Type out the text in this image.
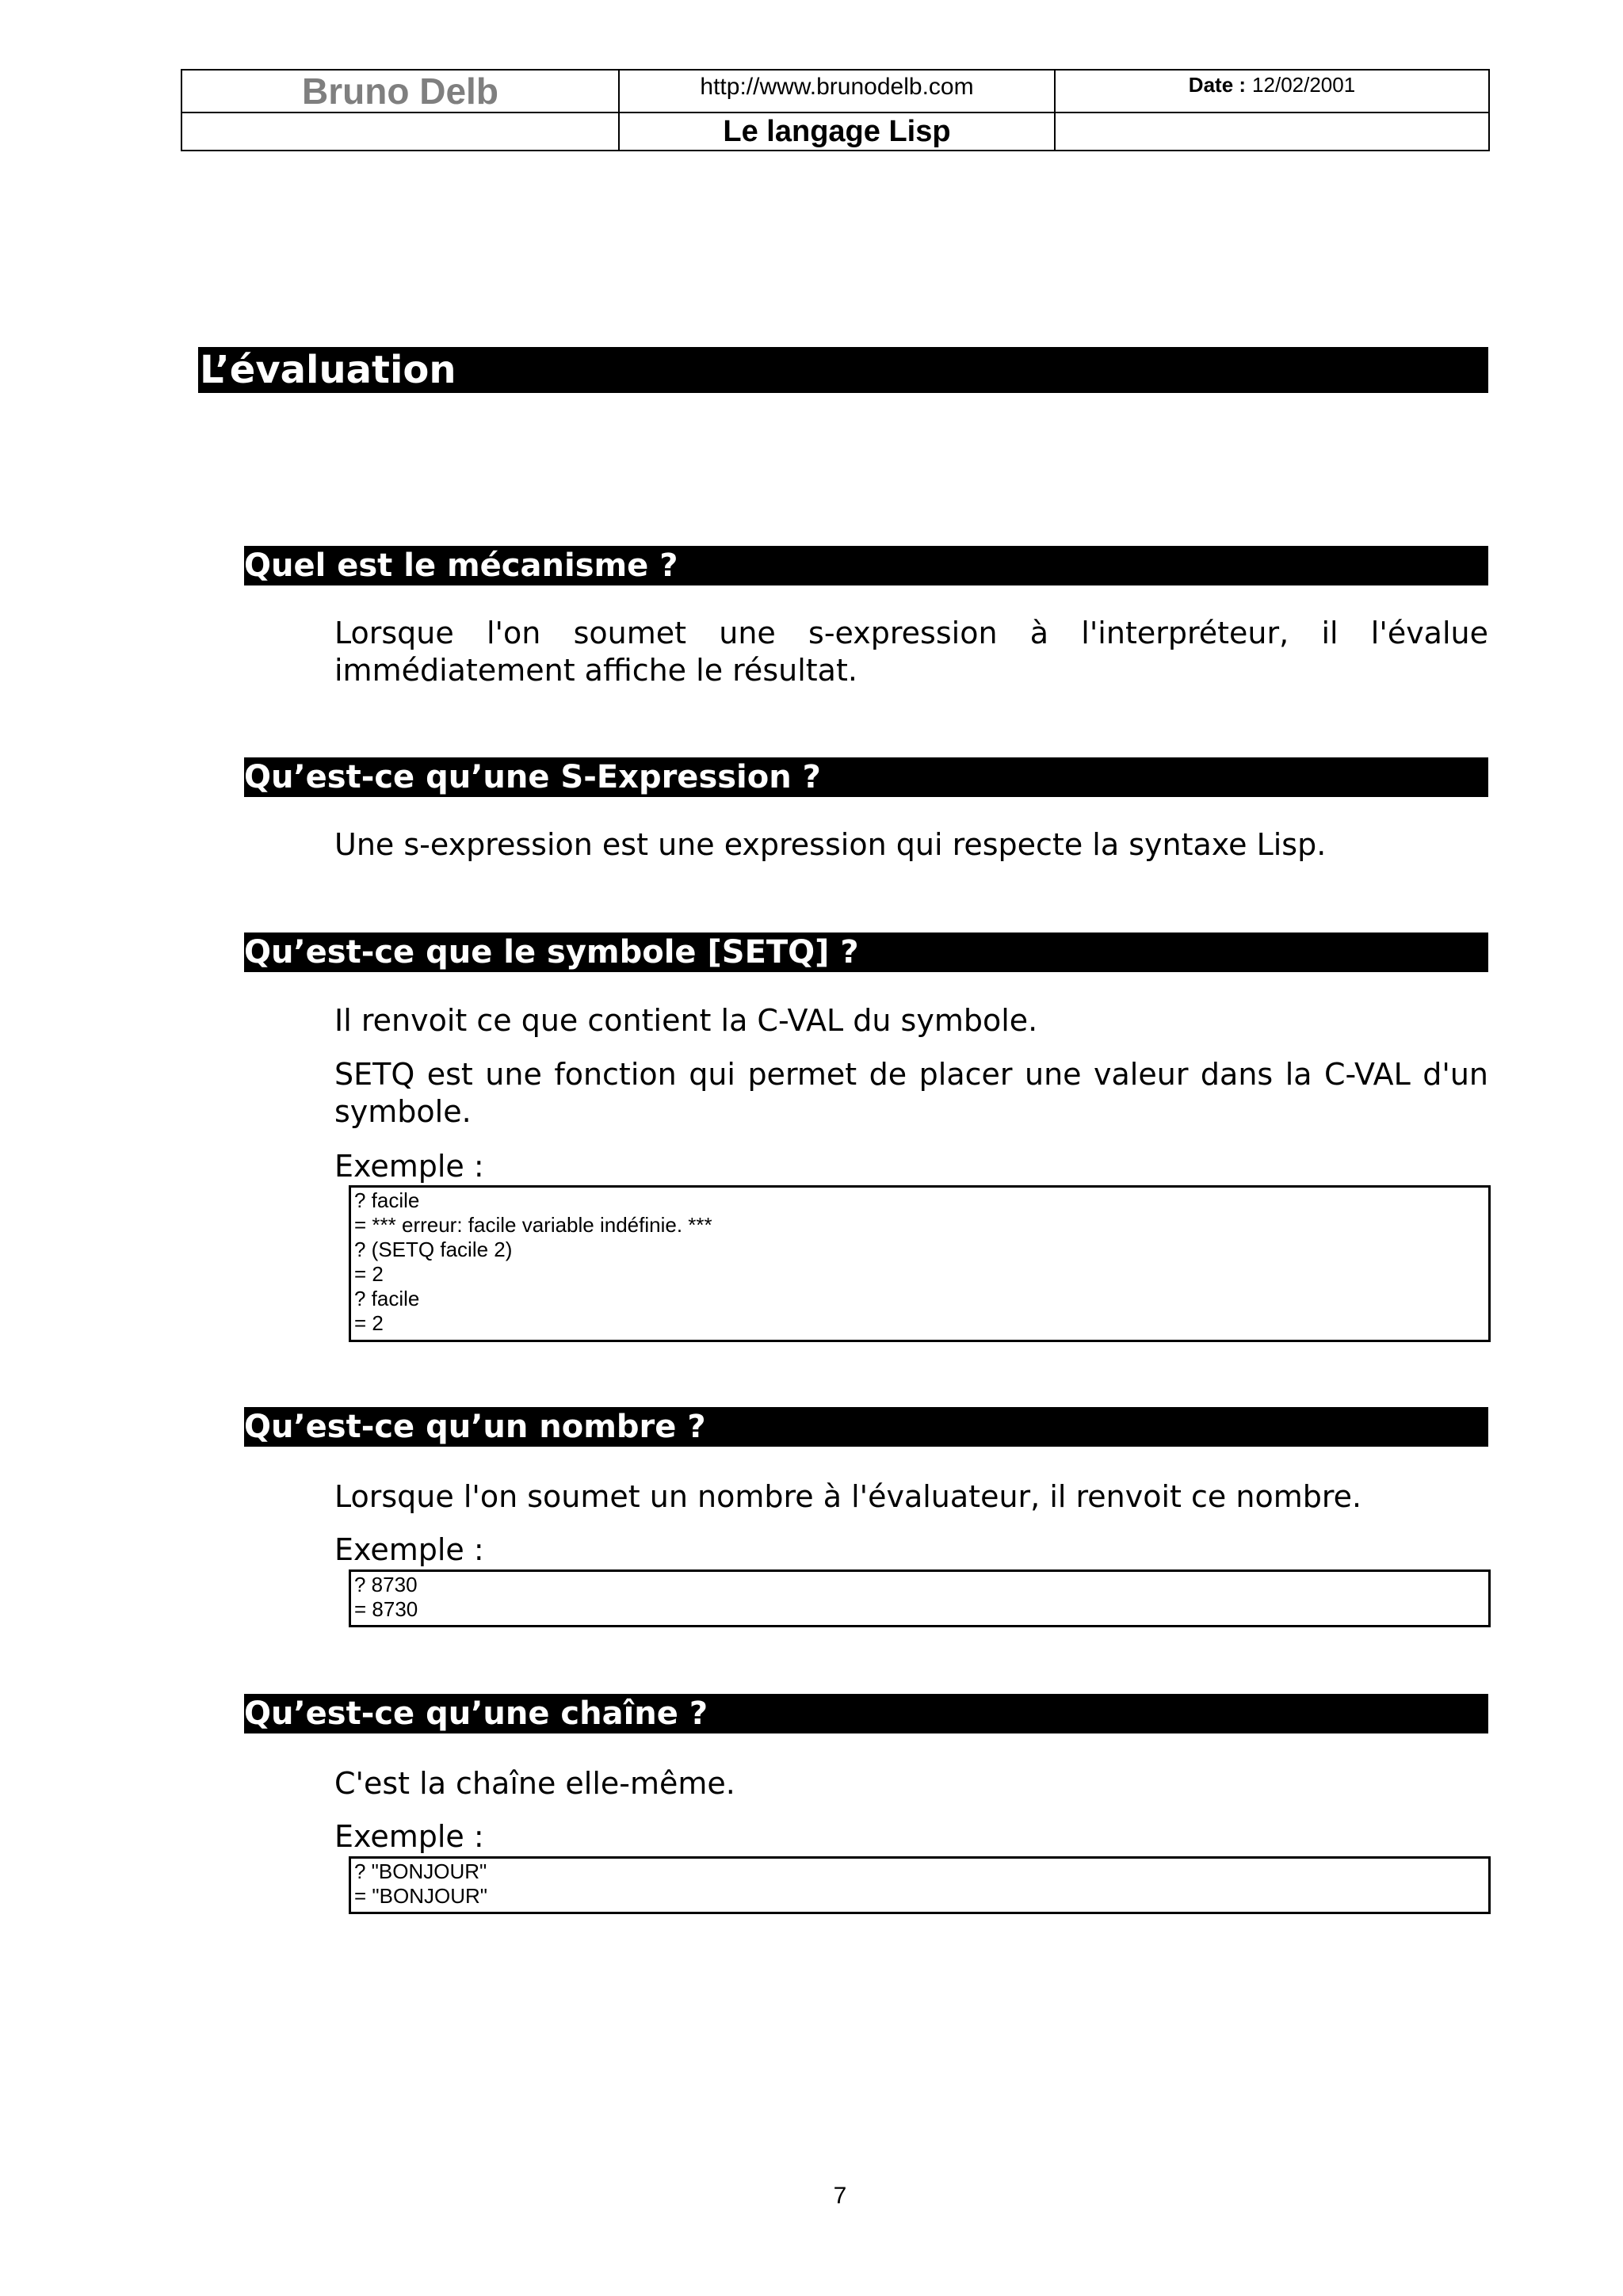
Bruno Delb	http://www.brunodelb.com	Date : 12/02/2001
Le langage Lisp
L’évaluation
Quel est le mécanisme ?

Lorsque l'on soumet une s-expression à l'interpréteur, il l'évalue immédiatement affiche le résultat.

Qu’est-ce qu’une S-Expression ?

Une s-expression est une expression qui respecte la syntaxe Lisp.

Qu’est-ce que le symbole [SETQ] ?

Il renvoit ce que contient la C-VAL du symbole.

SETQ est une fonction qui permet de placer une valeur dans la C-VAL d'un symbole.

Exemple :
? facile
= *** erreur: facile variable indéfinie. ***
? (SETQ facile 2)
= 2
? facile
= 2
Qu’est-ce qu’un nombre ?

Lorsque l'on soumet un nombre à l'évaluateur, il renvoit ce nombre.

Exemple :
? 8730
= 8730
Qu’est-ce qu’une chaîne ?

C'est la chaîne elle-même.

Exemple :
? "BONJOUR"
= "BONJOUR"
7
